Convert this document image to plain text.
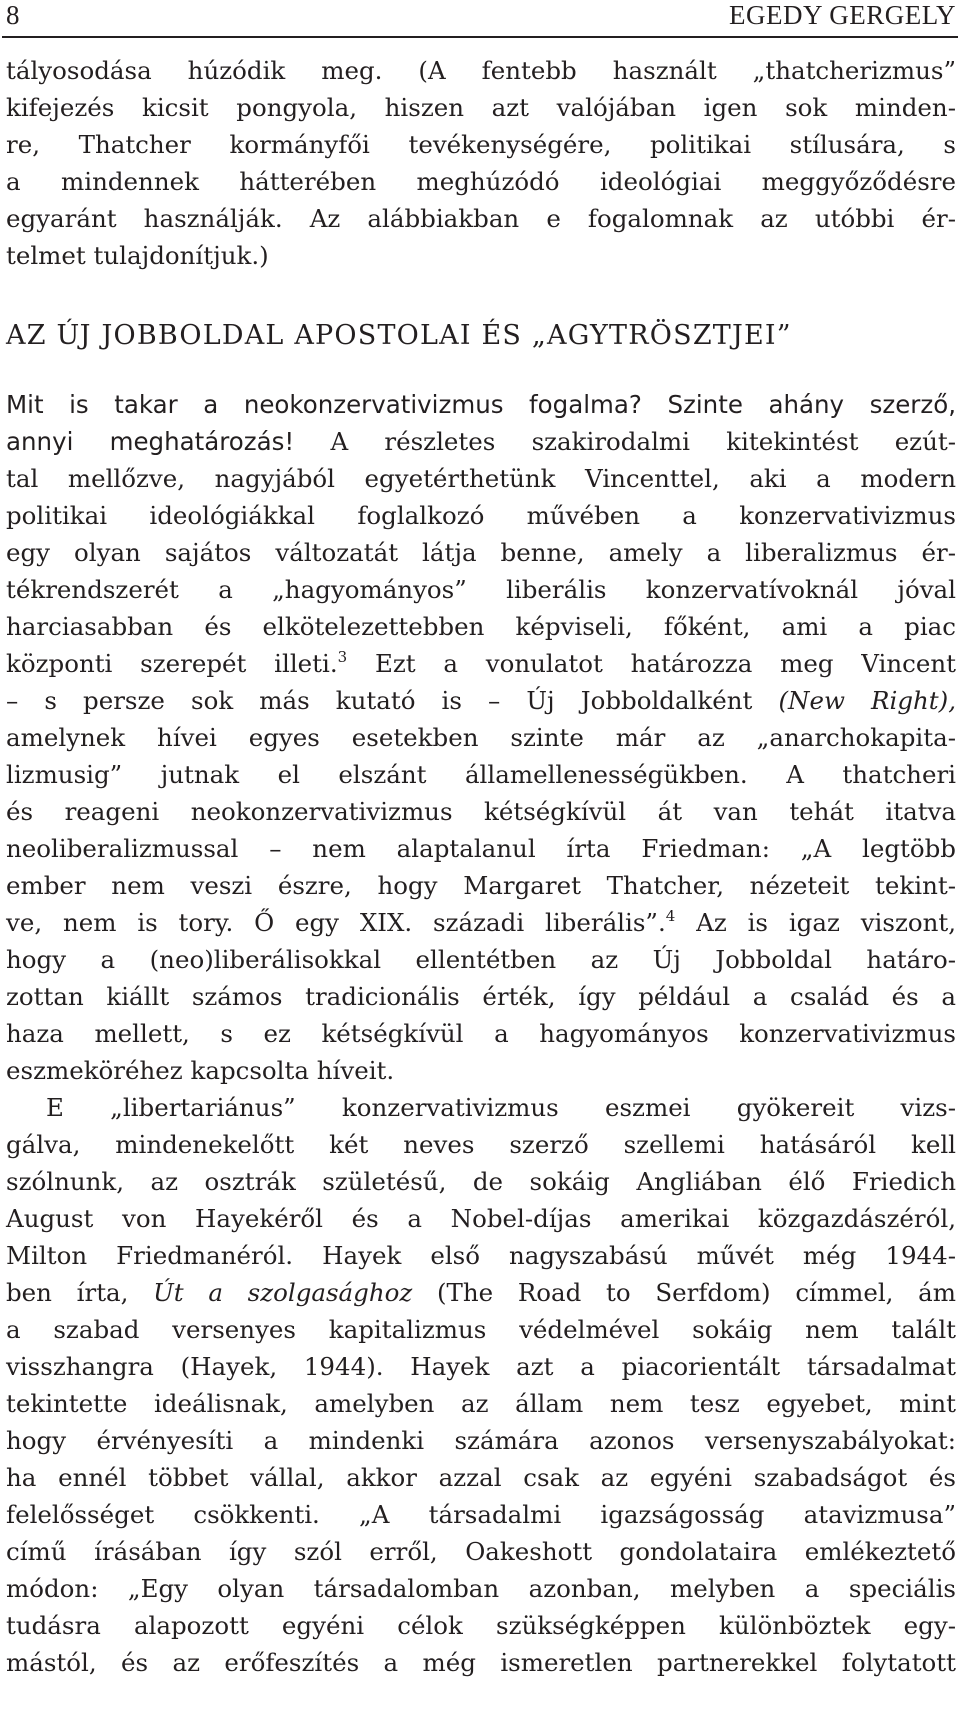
8	EGEDY GERGELY
tályosodása húzódik meg. (A fentebb használt „thatcherizmus”
kifejezés kicsit pongyola, hiszen azt valójában igen sok minden-
re, Thatcher kormányfői tevékenységére, politikai stílusára, s
a mindennek hátterében meghúzódó ideológiai meggyőződésre
egyaránt használják. Az alábbiakban e fogalomnak az utóbbi ér-
telmet tulajdonítjuk.)
AZ ÚJ JOBBOLDAL APOSTOLAI ÉS „AGYTRÖSZTJEI”
Mit is takar a neokonzervativizmus fogalma? Szinte ahány szerző,
annyi meghatározás! A részletes szakirodalmi kitekintést ezút-
tal mellőzve, nagyjából egyetérthetünk Vincenttel, aki a modern
politikai ideológiákkal foglalkozó művében a konzervativizmus
egy olyan sajátos változatát látja benne, amely a liberalizmus ér-
tékrendszerét a „hagyományos” liberális konzervatívoknál jóval
harciasabban és elkötelezettebben képviseli, főként, ami a piac
központi szerepét illeti.$^3$ Ezt a vonulatot határozza meg Vincent
– s persze sok más kutató is – Új Jobboldalként (New Right),
amelynek hívei egyes esetekben szinte már az „anarchokapita-
lizmusig” jutnak el elszánt államellenességükben. A thatcheri
és reageni neokonzervativizmus kétségkívül át van tehát itatva
neoliberalizmussal – nem alaptalanul írta Friedman: „A legtöbb
ember nem veszi észre, hogy Margaret Thatcher, nézeteit tekint-
ve, nem is tory. Ő egy XIX. századi liberális”.$^4$ Az is igaz viszont,
hogy a (neo)liberálisokkal ellentétben az Új Jobboldal határo-
zottan kiállt számos tradicionális érték, így például a család és a
haza mellett, s ez kétségkívül a hagyományos konzervativizmus
eszmeköréhez kapcsolta híveit.
E „libertariánus” konzervativizmus eszmei gyökereit vizs-
gálva, mindenekelőtt két neves szerző szellemi hatásáról kell
szólnunk, az osztrák születésű, de sokáig Angliában élő Friedich
August von Hayekéről és a Nobel-díjas amerikai közgazdászéról,
Milton Friedmanéról. Hayek első nagyszabású művét még 1944-
ben írta, Út a szolgasághoz (The Road to Serfdom) címmel, ám
a szabad versenyes kapitalizmus védelmével sokáig nem talált
visszhangra (Hayek, 1944). Hayek azt a piacorientált társadalmat
tekintette ideálisnak, amelyben az állam nem tesz egyebet, mint
hogy érvényesíti a mindenki számára azonos versenyszabályokat:
ha ennél többet vállal, akkor azzal csak az egyéni szabadságot és
felelősséget csökkenti. „A társadalmi igazságosság atavizmusa”
című írásában így szól erről, Oakeshott gondolataira emlékeztető
módon: „Egy olyan társadalomban azonban, melyben a speciális
tudásra alapozott egyéni célok szükségképpen különböztek egy-
mástól, és az erőfeszítés a még ismeretlen partnerekkel folytatott
